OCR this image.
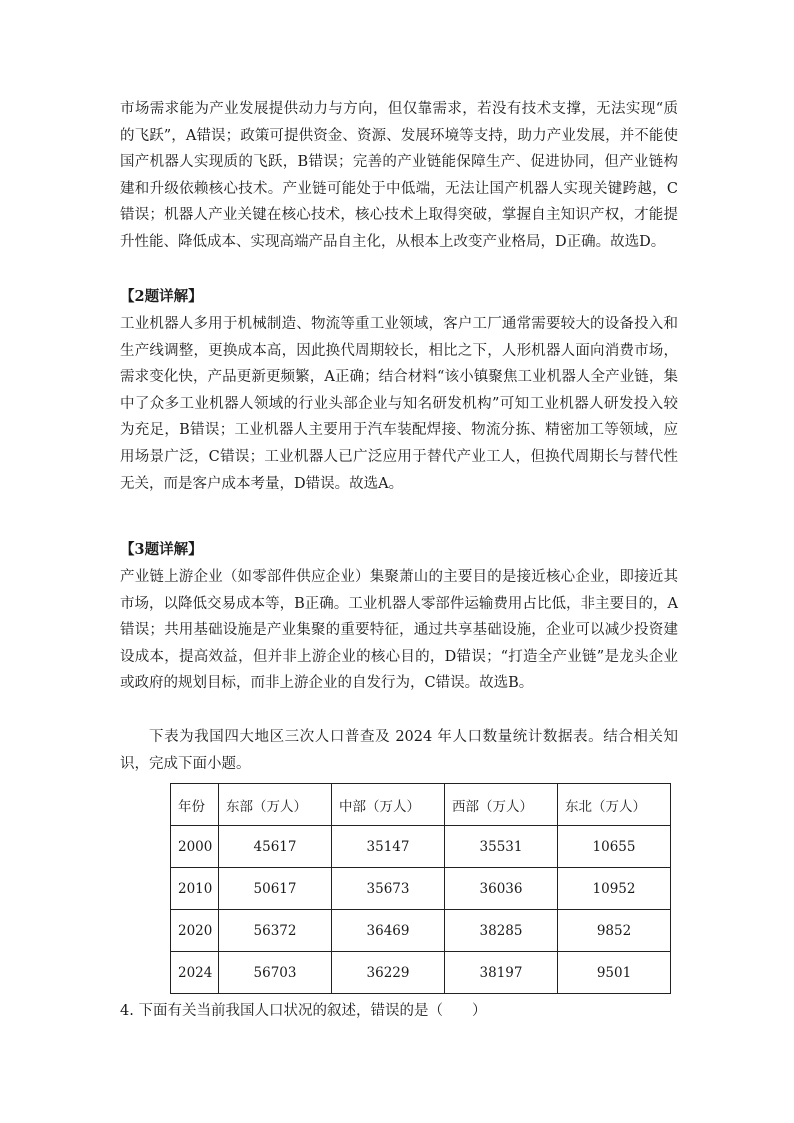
市场需求能为产业发展提供动力与方向，但仅靠需求，若没有技术支撑，无法实现“质的飞跃”，A错误；政策可提供资金、资源、发展环境等支持，助力产业发展，并不能使国产机器人实现质的飞跃，B错误；完善的产业链能保障生产、促进协同，但产业链构建和升级依赖核心技术。产业链可能处于中低端，无法让国产机器人实现关键跨越，C错误；机器人产业关键在核心技术，核心技术上取得突破，掌握自主知识产权，才能提升性能、降低成本、实现高端产品自主化，从根本上改变产业格局，D正确。故选D。

【2题详解】

工业机器人多用于机械制造、物流等重工业领域，客户工厂通常需要较大的设备投入和生产线调整，更换成本高，因此换代周期较长，相比之下，人形机器人面向消费市场，需求变化快，产品更新更频繁，A正确；结合材料“该小镇聚焦工业机器人全产业链，集中了众多工业机器人领域的行业头部企业与知名研发机构”可知工业机器人研发投入较为充足，B错误；工业机器人主要用于汽车装配焊接、物流分拣、精密加工等领域，应用场景广泛，C错误；工业机器人已广泛应用于替代产业工人，但换代周期长与替代性无关，而是客户成本考量，D错误。故选A。

【3题详解】

产业链上游企业（如零部件供应企业）集聚萧山的主要目的是接近核心企业，即接近其市场，以降低交易成本等，B正确。工业机器人零部件运输费用占比低，非主要目的，A错误；共用基础设施是产业集聚的重要特征，通过共享基础设施，企业可以减少投资建设成本，提高效益，但并非上游企业的核心目的，D错误；“打造全产业链”是龙头企业或政府的规划目标，而非上游企业的自发行为，C错误。故选B。

下表为我国四大地区三次人口普查及 2024 年人口数量统计数据表。结合相关知识，完成下面小题。

年份	东部（万人）	中部（万人）	西部（万人）	东北（万人）
2000	45617	35147	35531	10655
2010	50617	35673	36036	10952
2020	56372	36469	38285	9852
2024	56703	36229	38197	9501

4. 下面有关当前我国人口状况的叙述，错误的是（　　）
